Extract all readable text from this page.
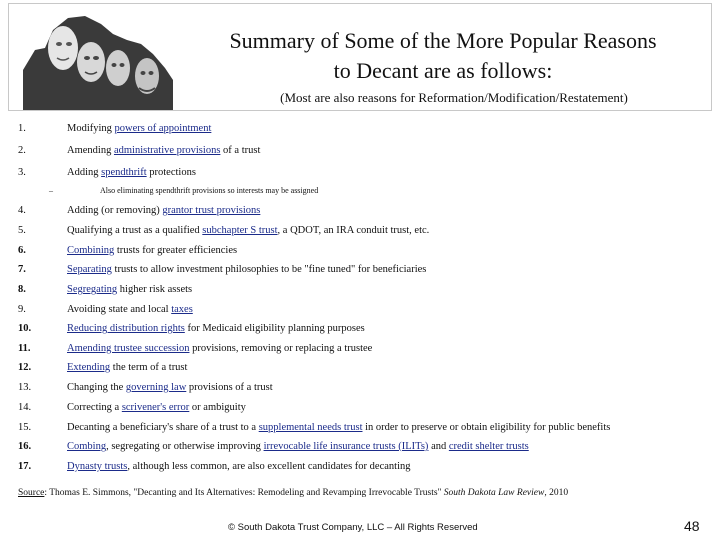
Summary of Some of the More Popular Reasons
to Decant are as follows:
(Most are also reasons for Reformation/Modification/Restatement)
1.	Modifying powers of appointment
2.	Amending administrative provisions of a trust
3.	Adding spendthrift protections
–	Also eliminating spendthrift provisions so interests may be assigned
4.	Adding (or removing) grantor trust provisions
5.	Qualifying a trust as a qualified subchapter S trust, a QDOT, an IRA conduit trust, etc.
6.	Combining trusts for greater efficiencies
7.	Separating trusts to allow investment philosophies to be "fine tuned" for beneficiaries
8.	Segregating higher risk assets
9.	Avoiding state and local taxes
10.	Reducing distribution rights for Medicaid eligibility planning purposes
11.	Amending trustee succession provisions, removing or replacing a trustee
12.	Extending the term of a trust
13.	Changing the governing law provisions of a trust
14.	Correcting a scrivener's error or ambiguity
15.	Decanting a beneficiary's share of a trust to a supplemental needs trust in order to preserve or obtain eligibility for public benefits
16.	Combing, segregating or otherwise improving irrevocable life insurance trusts (ILITs) and credit shelter trusts
17.	Dynasty trusts, although less common, are also excellent candidates for decanting
Source: Thomas E. Simmons, "Decanting and Its Alternatives: Remodeling and Revamping Irrevocable Trusts" South Dakota Law Review, 2010
© South Dakota Trust Company, LLC – All Rights Reserved	48
